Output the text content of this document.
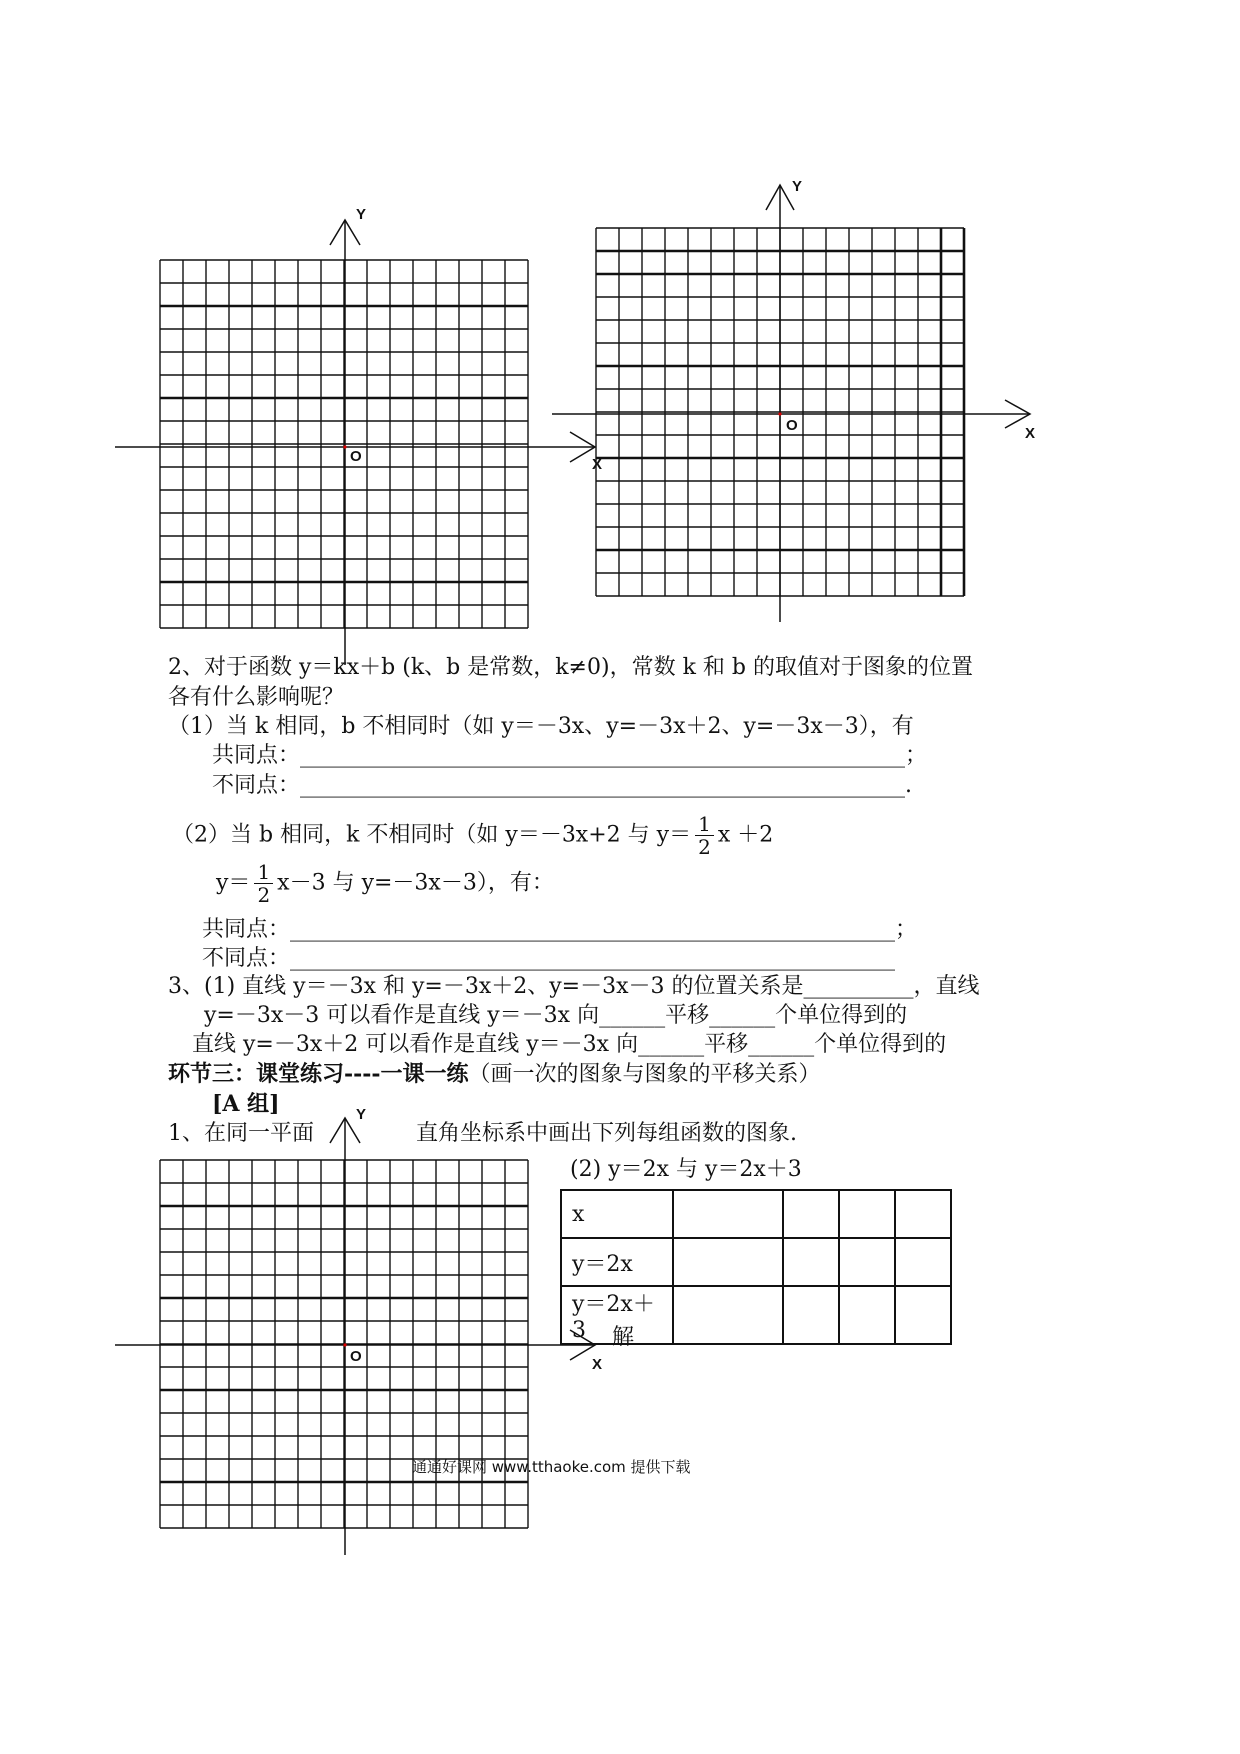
Y
O
Y
X
X
O
2、对于函数 y＝kx＋b (k、b 是常数，k≠0)，常数 k 和 b 的取值对于图象的位置
各有什么影响呢？
（1）当 k 相同，b 不相同时（如 y＝－3x、y=－3x＋2、y=－3x－3），有
共同点：_______________________________________________________；
不同点：_______________________________________________________.
（2）当 b 相同，k 不相同时（如 y＝－3x+2 与 $y= \frac{1}{2}$ x ＋2
$y= \frac{1}{2} x-3$ 与 y=－3x－3），有：
共同点：_______________________________________________________；
不同点：_______________________________________________________
3、(1) 直线 y＝－3x 和 y=－3x＋2、y=－3x－3 的位置关系是__________，直线
y=－3x－3 可以看作是直线 y＝－3x 向______平移______个单位得到的
直线 y=－3x＋2 可以看作是直线 y＝－3x 向______平移______个单位得到的
环节三：课堂练习----一课一练（画一次的图象与图象的平移关系）
[A 组]
1、在同一平面	直角坐标系中画出下列每组函数的图象.
Y
X
O
(2) y＝2x 与 y＝2x＋3
x				
y＝2x				
y＝2x＋3				解
通通好课网 www.tthaoke.com 提供下载
